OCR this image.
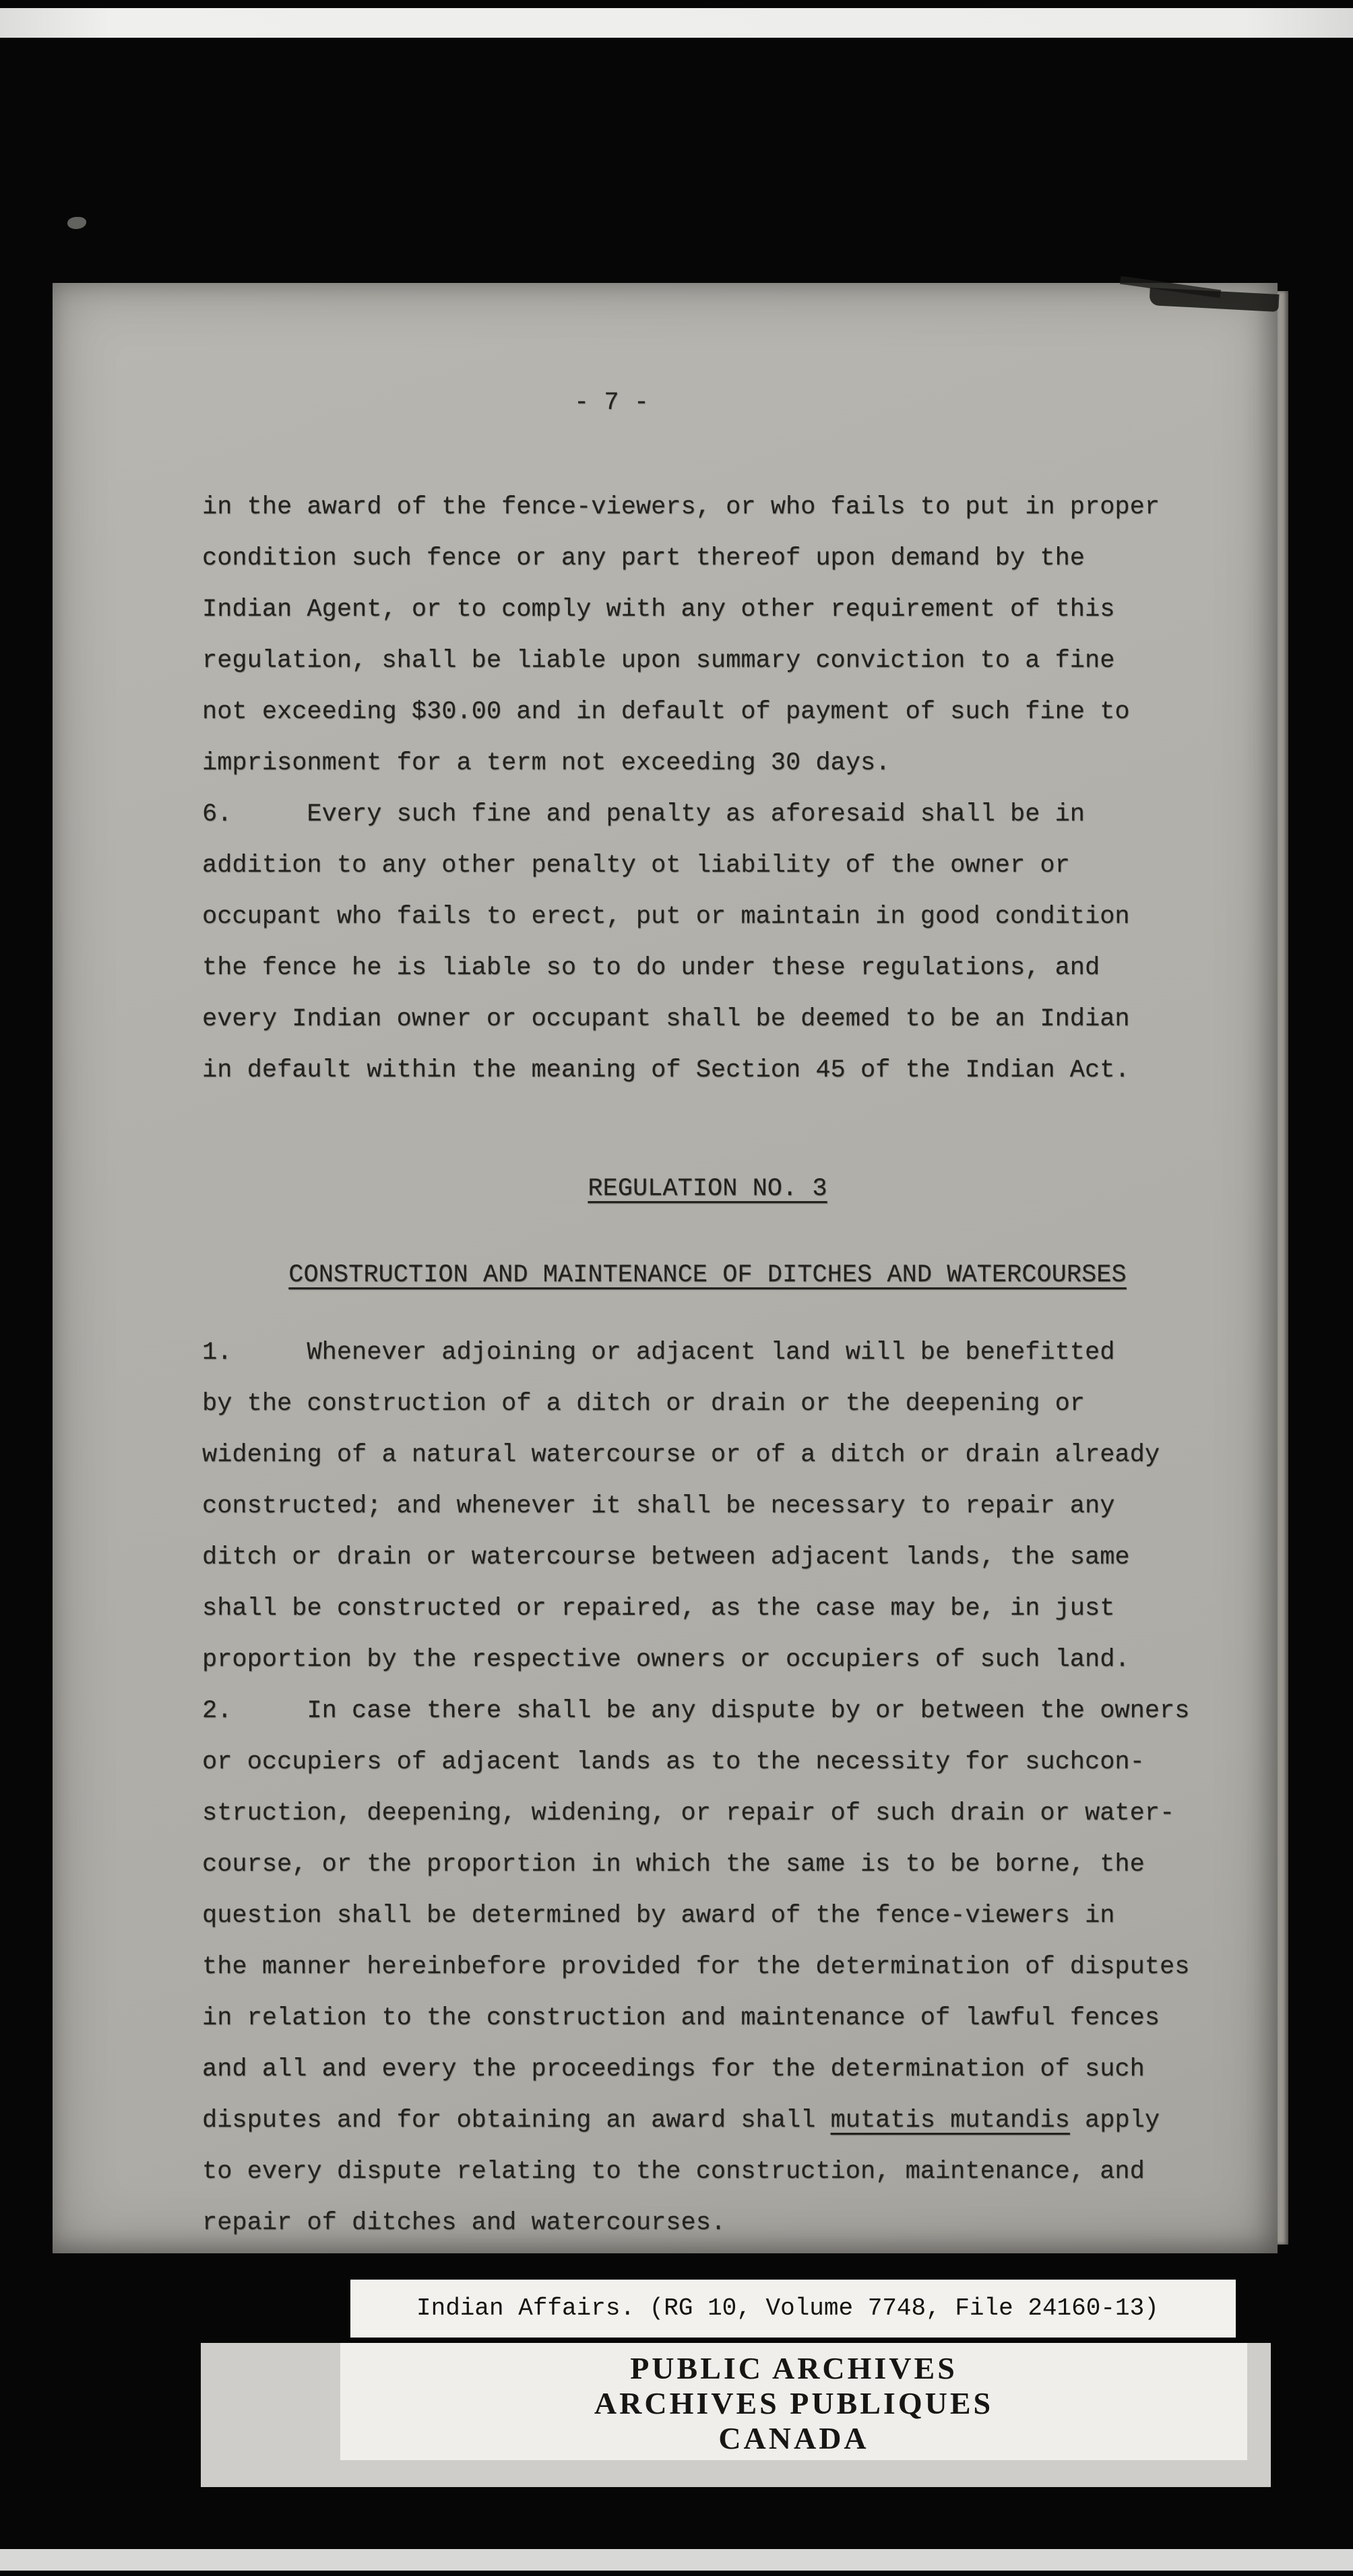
- 7 -
in the award of the fence-viewers, or who fails to put in proper
condition such fence or any part thereof upon demand by the
Indian Agent, or to comply with any other requirement of this
regulation, shall be liable upon summary conviction to a fine
not exceeding $30.00 and in default of payment of such fine to
imprisonment for a term not exceeding 30 days.
6.     Every such fine and penalty as aforesaid shall be in
addition to any other penalty ot liability of the owner or
occupant who fails to erect, put or maintain in good condition
the fence he is liable so to do under these regulations, and
every Indian owner or occupant shall be deemed to be an Indian
in default within the meaning of Section 45 of the Indian Act.
REGULATION NO. 3
CONSTRUCTION AND MAINTENANCE OF DITCHES AND WATERCOURSES
1.     Whenever adjoining or adjacent land will be benefitted
by the construction of a ditch or drain or the deepening or
widening of a natural watercourse or of a ditch or drain already
constructed; and whenever it shall be necessary to repair any
ditch or drain or watercourse between adjacent lands, the same
shall be constructed or repaired, as the case may be, in just
proportion by the respective owners or occupiers of such land.
2.     In case there shall be any dispute by or between the owners
or occupiers of adjacent lands as to the necessity for suchcon-
struction, deepening, widening, or repair of such drain or water-
course, or the proportion in which the same is to be borne, the
question shall be determined by award of the fence-viewers in
the manner hereinbefore provided for the determination of disputes
in relation to the construction and maintenance of lawful fences
and all and every the proceedings for the determination of such
disputes and for obtaining an award shall mutatis mutandis apply
to every dispute relating to the construction, maintenance, and
repair of ditches and watercourses.
Indian Affairs. (RG 10, Volume 7748, File 24160-13)
PUBLIC ARCHIVES
ARCHIVES PUBLIQUES
CANADA
